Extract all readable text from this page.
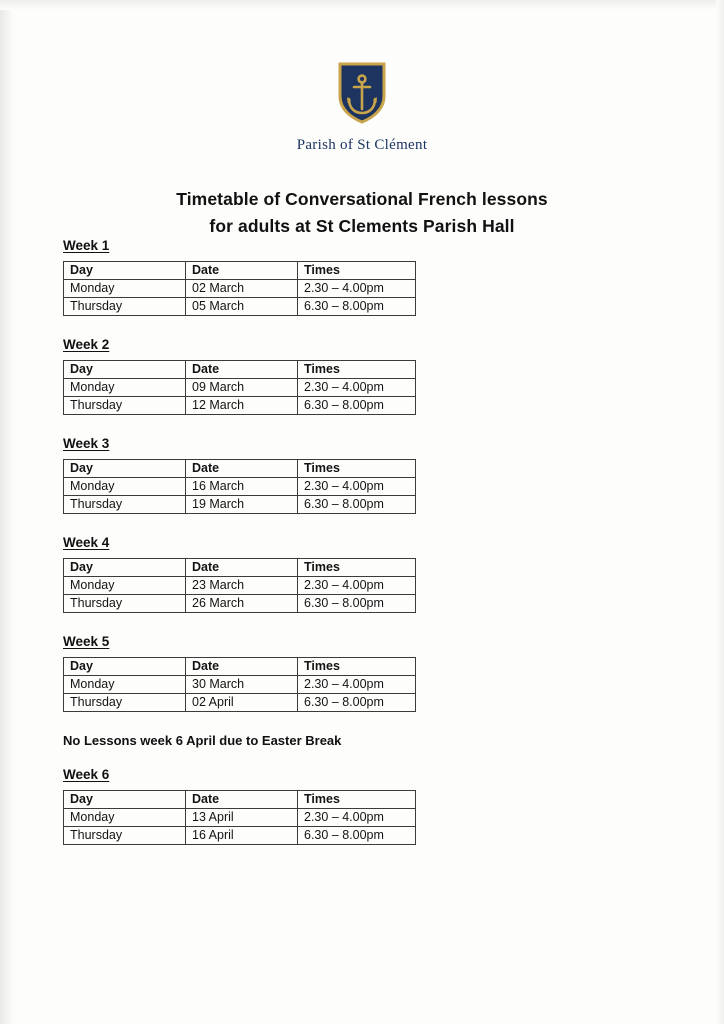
Parish of St Clément
Timetable of Conversational French lessons
for adults at St Clements Parish Hall
Week 1
Day	Date	Times
Monday	02 March	2.30 – 4.00pm
Thursday	05 March	6.30 – 8.00pm
Week 2
Day	Date	Times
Monday	09 March	2.30 – 4.00pm
Thursday	12 March	6.30 – 8.00pm
Week 3
Day	Date	Times
Monday	16 March	2.30 – 4.00pm
Thursday	19 March	6.30 – 8.00pm
Week 4
Day	Date	Times
Monday	23 March	2.30 – 4.00pm
Thursday	26 March	6.30 – 8.00pm
Week 5
Day	Date	Times
Monday	30 March	2.30 – 4.00pm
Thursday	02 April	6.30 – 8.00pm
No Lessons week 6 April due to Easter Break
Week 6
Day	Date	Times
Monday	13 April	2.30 – 4.00pm
Thursday	16 April	6.30 – 8.00pm
